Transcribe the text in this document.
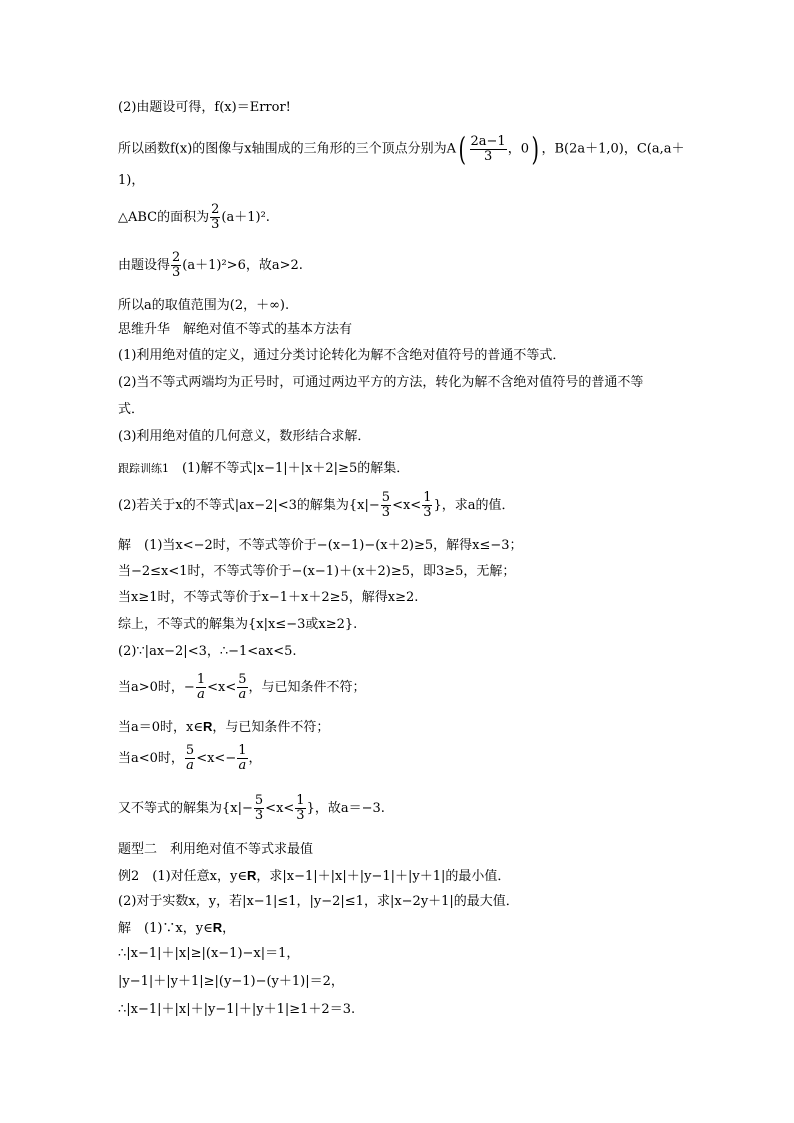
(2)由题设可得，f(x)＝Error!
所以函数f(x)的图像与x轴围成的三角形的三个顶点分别为$A( \frac{2a-1}{3}$ ，0) ，B(2a＋1,0)，C(a,a＋
1)，
△ABC的面积为 $\frac{2}{3} (a+1)^2$.
由题设得 $\frac{2}{3} (a+1)^2>6$，故a>2.
所以a的取值范围为(2，＋∞).
思维升华　解绝对值不等式的基本方法有
(1)利用绝对值的定义，通过分类讨论转化为解不含绝对值符号的普通不等式．
(2)当不等式两端均为正号时，可通过两边平方的方法，转化为解不含绝对值符号的普通不等
式．
(3)利用绝对值的几何意义，数形结合求解．
跟踪训练1　 (1)解不等式|x−1|＋|x＋2|≥5的解集．
(2)若关于x的不等式|ax−2|<3的解集为{$x|- \frac{5}{3} <x< \frac{1}{3}$ }，求a的值．
解　(1)当x<−2时，不等式等价于−(x−1)−(x＋2)≥5，解得x≤−3；
当−2≤x<1时，不等式等价于−(x−1)＋(x＋2)≥5，即3≥5，无解；
当x≥1时，不等式等价于x−1＋x＋2≥5，解得x≥2.
综上，不等式的解集为{x|x≤−3或x≥2}.
(2)∵|ax−2|<3，∴−1<ax<5.
当a>0时，− $\frac{1}{a} <x< \frac{5}{a}$ ，与已知条件不符；
当a＝0时，x∈R，与已知条件不符；
当a<0时， $\frac{5}{a} <x<- \frac{1}{a}$ ，
又不等式的解集为{$x|- \frac{5}{3} <x< \frac{1}{3}$ }，故a＝−3.
题型二　利用绝对值不等式求最值
例2　(1)对任意x，y∈R，求|x−1|＋|x|＋|y−1|＋|y＋1|的最小值．
(2)对于实数x，y，若|x−1|≤1，|y−2|≤1，求|x−2y＋1|的最大值．
解　(1)∵x，y∈R，
∴|x−1|＋|x|≥|(x−1)−x|＝1，
|y−1|＋|y＋1|≥|(y−1)−(y＋1)|＝2，
∴|x−1|＋|x|＋|y−1|＋|y＋1|≥1＋2＝3.
